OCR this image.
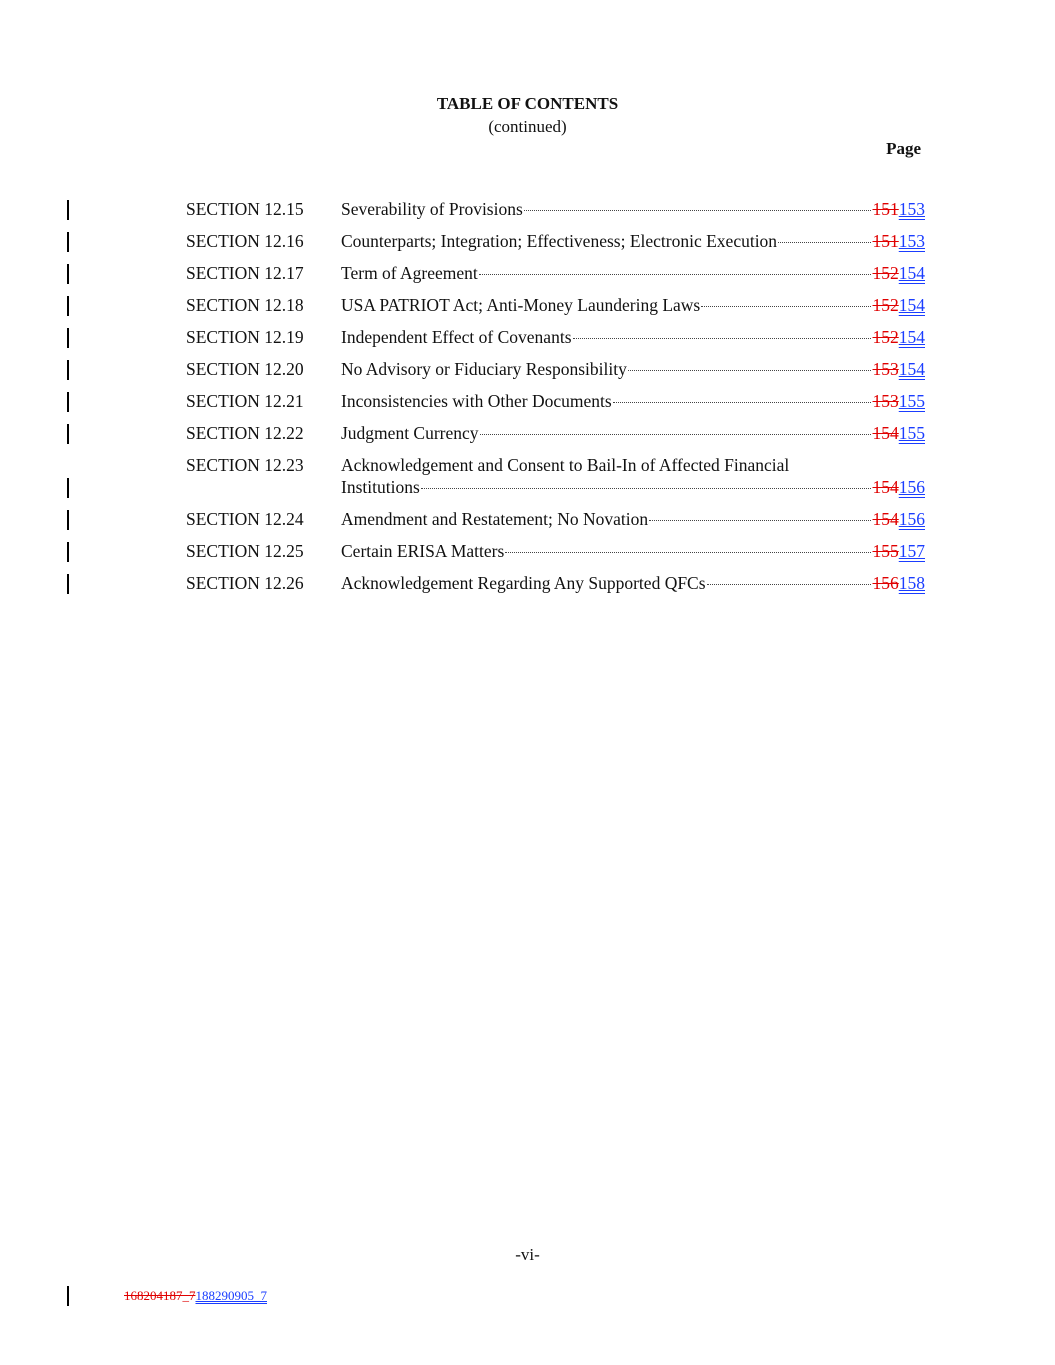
TABLE OF CONTENTS
(continued)
Page
SECTION 12.15 Severability of Provisions	151 153
SECTION 12.16 Counterparts; Integration; Effectiveness; Electronic Execution	151 153
SECTION 12.17 Term of Agreement	152 154
SECTION 12.18 USA PATRIOT Act; Anti-Money Laundering Laws	152 154
SECTION 12.19 Independent Effect of Covenants	152 154
SECTION 12.20 No Advisory or Fiduciary Responsibility	153 154
SECTION 12.21 Inconsistencies with Other Documents	153 155
SECTION 12.22 Judgment Currency	154 155
SECTION 12.23 Acknowledgement and Consent to Bail-In of Affected Financial
Institutions	154 156
SECTION 12.24 Amendment and Restatement; No Novation	154 156
SECTION 12.25 Certain ERISA Matters	155 157
SECTION 12.26 Acknowledgement Regarding Any Supported QFCs	156 158
-vi-
168204187_7188290905_7
